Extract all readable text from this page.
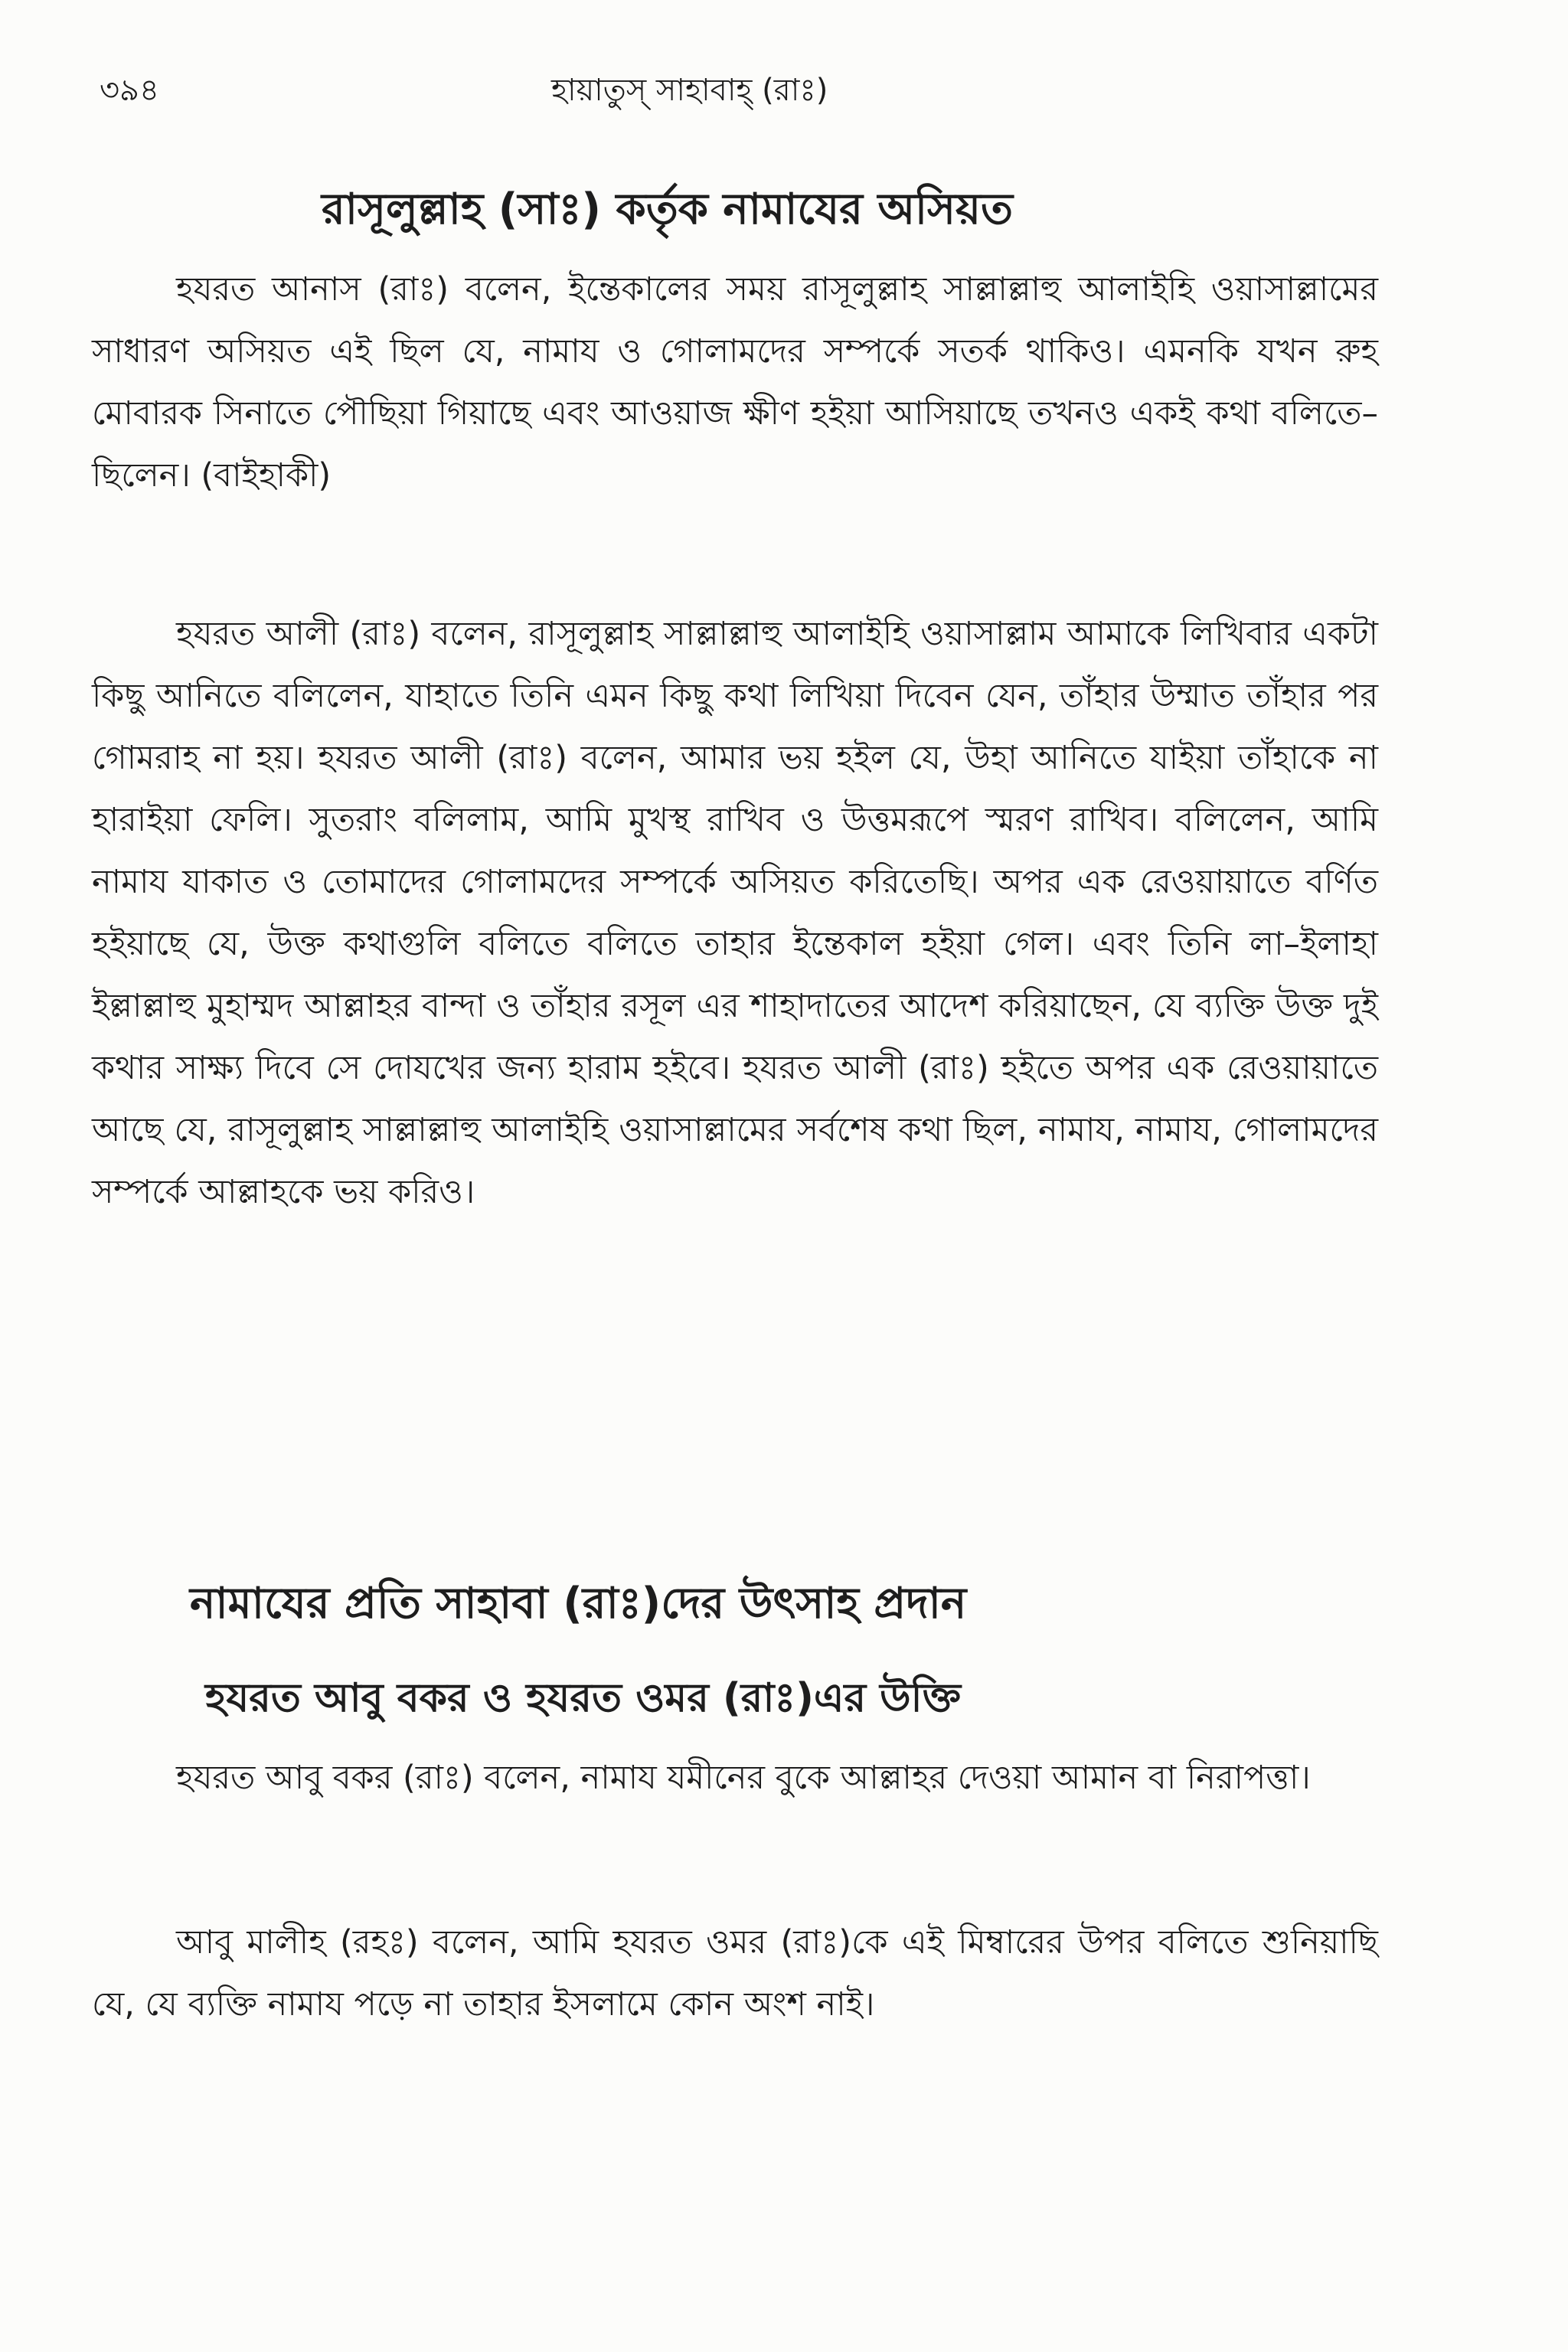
৩৯৪	হায়াতুস্ সাহাবাহ্ (রাঃ)
রাসূলুল্লাহ (সাঃ) কর্তৃক নামাযের অসিয়ত

হযরত আনাস (রাঃ) বলেন, ইন্তেকালের সময় রাসূলুল্লাহ সাল্লাল্লাহু আলাইহি ওয়াসাল্লামের সাধারণ অসিয়ত এই ছিল যে, নামায ও গোলামদের সম্পর্কে সতর্ক থাকিও। এমনকি যখন রুহ মোবারক সিনাতে পৌছিয়া গিয়াছে এবং আওয়াজ ক্ষীণ হইয়া আসিয়াছে তখনও একই কথা বলিতে–ছিলেন। (বাইহাকী)

হযরত আলী (রাঃ) বলেন, রাসূলুল্লাহ সাল্লাল্লাহু আলাইহি ওয়াসাল্লাম আমাকে লিখিবার একটা কিছু আনিতে বলিলেন, যাহাতে তিনি এমন কিছু কথা লিখিয়া দিবেন যেন, তাঁহার উম্মাত তাঁহার পর গোমরাহ না হয়। হযরত আলী (রাঃ) বলেন, আমার ভয় হইল যে, উহা আনিতে যাইয়া তাঁহাকে না হারাইয়া ফেলি। সুতরাং বলিলাম, আমি মুখস্থ রাখিব ও উত্তমরূপে স্মরণ রাখিব। বলিলেন, আমি নামায যাকাত ও তোমাদের গোলামদের সম্পর্কে অসিয়ত করিতেছি। অপর এক রেওয়ায়াতে বর্ণিত হইয়াছে যে, উক্ত কথাগুলি বলিতে বলিতে তাহার ইন্তেকাল হইয়া গেল। এবং তিনি লা–ইলাহা ইল্লাল্লাহু মুহাম্মদ আল্লাহর বান্দা ও তাঁহার রসূল এর শাহাদাতের আদেশ করিয়াছেন, যে ব্যক্তি উক্ত দুই কথার সাক্ষ্য দিবে সে দোযখের জন্য হারাম হইবে। হযরত আলী (রাঃ) হইতে অপর এক রেওয়ায়াতে আছে যে, রাসূলুল্লাহ সাল্লাল্লাহু আলাইহি ওয়াসাল্লামের সর্বশেষ কথা ছিল, নামায, নামায, গোলামদের সম্পর্কে আল্লাহকে ভয় করিও।

নামাযের প্রতি সাহাবা (রাঃ)দের উৎসাহ প্রদান
হযরত আবু বকর ও হযরত ওমর (রাঃ)এর উক্তি

হযরত আবু বকর (রাঃ) বলেন, নামায যমীনের বুকে আল্লাহর দেওয়া আমান বা নিরাপত্তা।

আবু মালীহ (রহঃ) বলেন, আমি হযরত ওমর (রাঃ)কে এই মিম্বারের উপর বলিতে শুনিয়াছি যে, যে ব্যক্তি নামায পড়ে না তাহার ইসলামে কোন অংশ নাই।
